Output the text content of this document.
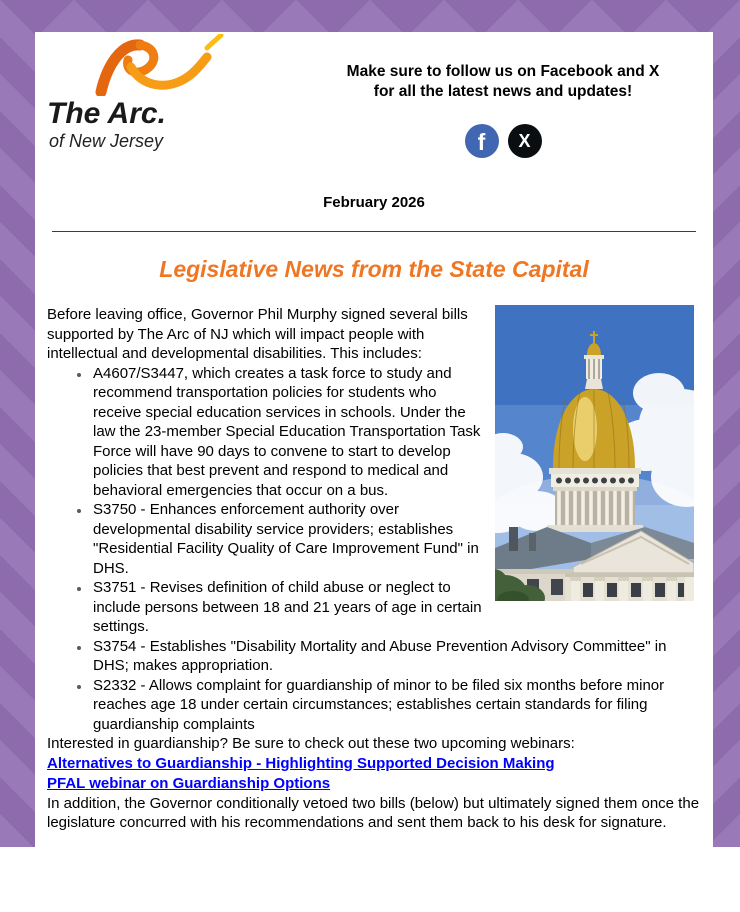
The Arc.
of New Jersey
Make sure to follow us on Facebook and X
for all the latest news and updates!
f X
February 2026
Legislative News from the State Capital

Before leaving office, Governor Phil Murphy signed several bills supported by The Arc of NJ which will impact people with intellectual and developmental disabilities. This includes:

• A4607/S3447, which creates a task force to study and recommend transportation policies for students who receive special education services in schools. Under the law the 23-member Special Education Transportation Task Force will have 90 days to convene to start to develop policies that best prevent and respond to medical and behavioral emergencies that occur on a bus.
• S3750 - Enhances enforcement authority over developmental disability service providers; establishes "Residential Facility Quality of Care Improvement Fund" in DHS.
• S3751 - Revises definition of child abuse or neglect to include persons between 18 and 21 years of age in certain settings.
• S3754 - Establishes "Disability Mortality and Abuse Prevention Advisory Committee" in DHS; makes appropriation.
• S2332 - Allows complaint for guardianship of minor to be filed six months before minor reaches age 18 under certain circumstances; establishes certain standards for filing guardianship complaints

Interested in guardianship? Be sure to check out these two upcoming webinars:

Alternatives to Guardianship - Highlighting Supported Decision Making
PFAL webinar on Guardianship Options

In addition, the Governor conditionally vetoed two bills (below) but ultimately signed them once the legislature concurred with his recommendations and sent them back to his desk for signature.
